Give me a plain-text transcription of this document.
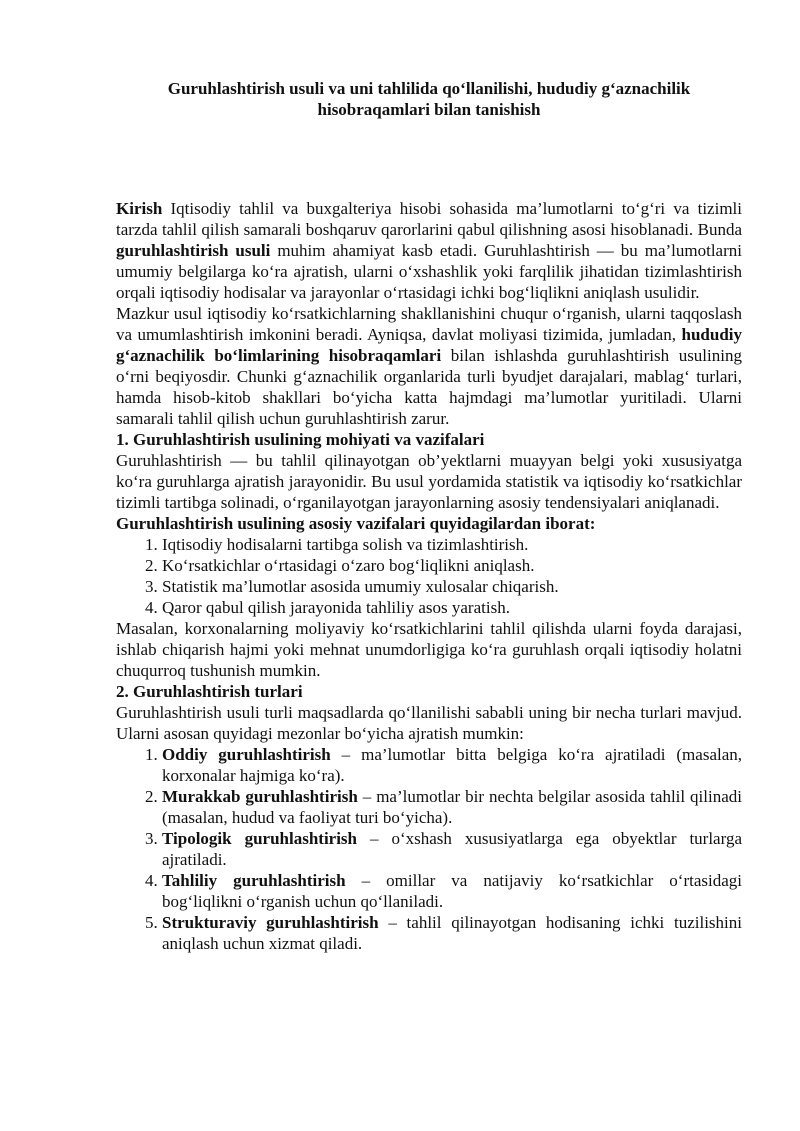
Guruhlashtirish usuli va uni tahlilida qo‘llanilishi, hududiy g‘aznachilik hisobraqamlari bilan tanishish

Kirish Iqtisodiy tahlil va buxgalteriya hisobi sohasida ma’lumotlarni to‘g‘ri va tizimli tarzda tahlil qilish samarali boshqaruv qarorlarini qabul qilishning asosi hisoblanadi. Bunda guruhlashtirish usuli muhim ahamiyat kasb etadi. Guruhlashtirish — bu ma’lumotlarni umumiy belgilarga ko‘ra ajratish, ularni o‘xshashlik yoki farqlilik jihatidan tizimlashtirish orqali iqtisodiy hodisalar va jarayonlar o‘rtasidagi ichki bog‘liqlikni aniqlash usulidir.

Mazkur usul iqtisodiy ko‘rsatkichlarning shakllanishini chuqur o‘rganish, ularni taqqoslash va umumlashtirish imkonini beradi. Ayniqsa, davlat moliyasi tizimida, jumladan, hududiy g‘aznachilik bo‘limlarining hisobraqamlari bilan ishlashda guruhlashtirish usulining o‘rni beqiyosdir. Chunki g‘aznachilik organlarida turli byudjet darajalari, mablag‘ turlari, hamda hisob-kitob shakllari bo‘yicha katta hajmdagi ma’lumotlar yuritiladi. Ularni samarali tahlil qilish uchun guruhlashtirish zarur.

1. Guruhlashtirish usulining mohiyati va vazifalari

Guruhlashtirish — bu tahlil qilinayotgan ob’yektlarni muayyan belgi yoki xususiyatga ko‘ra guruhlarga ajratish jarayonidir. Bu usul yordamida statistik va iqtisodiy ko‘rsatkichlar tizimli tartibga solinadi, o‘rganilayotgan jarayonlarning asosiy tendensiyalari aniqlanadi.

Guruhlashtirish usulining asosiy vazifalari quyidagilardan iborat:

1. Iqtisodiy hodisalarni tartibga solish va tizimlashtirish.
2. Ko‘rsatkichlar o‘rtasidagi o‘zaro bog‘liqlikni aniqlash.
3. Statistik ma’lumotlar asosida umumiy xulosalar chiqarish.
4. Qaror qabul qilish jarayonida tahliliy asos yaratish.

Masalan, korxonalarning moliyaviy ko‘rsatkichlarini tahlil qilishda ularni foyda darajasi, ishlab chiqarish hajmi yoki mehnat unumdorligiga ko‘ra guruhlash orqali iqtisodiy holatni chuqurroq tushunish mumkin.

2. Guruhlashtirish turlari

Guruhlashtirish usuli turli maqsadlarda qo‘llanilishi sababli uning bir necha turlari mavjud. Ularni asosan quyidagi mezonlar bo‘yicha ajratish mumkin:

1. Oddiy guruhlashtirish – ma’lumotlar bitta belgiga ko‘ra ajratiladi (masalan, korxonalar hajmiga ko‘ra).
2. Murakkab guruhlashtirish – ma’lumotlar bir nechta belgilar asosida tahlil qilinadi (masalan, hudud va faoliyat turi bo‘yicha).
3. Tipologik guruhlashtirish – o‘xshash xususiyatlarga ega obyektlar turlarga ajratiladi.
4. Tahliliy guruhlashtirish – omillar va natijaviy ko‘rsatkichlar o‘rtasidagi bog‘liqlikni o‘rganish uchun qo‘llaniladi.
5. Strukturaviy guruhlashtirish – tahlil qilinayotgan hodisaning ichki tuzilishini aniqlash uchun xizmat qiladi.
